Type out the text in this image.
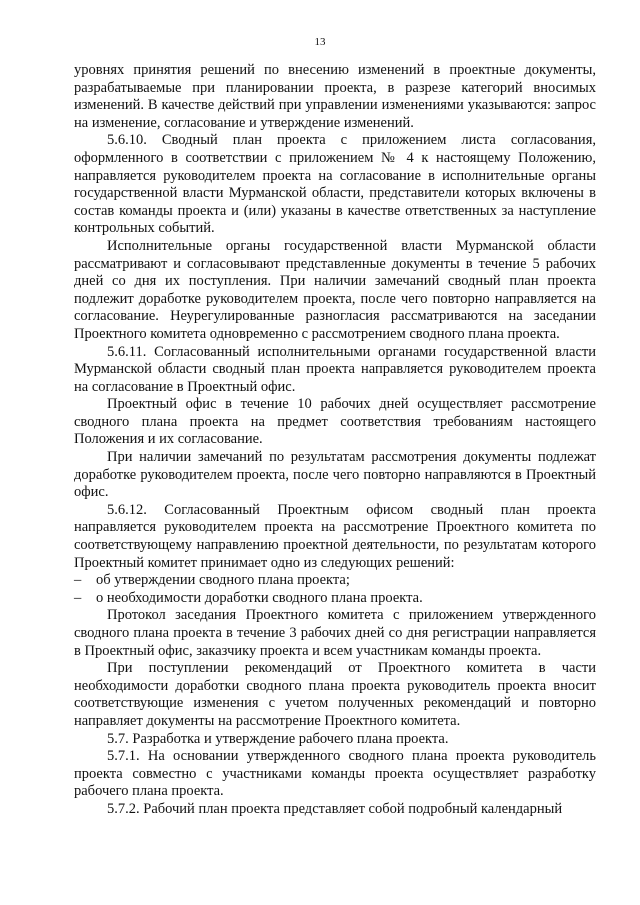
13

уровнях принятия решений по внесению изменений в проектные документы, разрабатываемые при планировании проекта, в разрезе категорий вносимых изменений. В качестве действий при управлении изменениями указываются: запрос на изменение, согласование и утверждение изменений.

5.6.10. Сводный план проекта с приложением листа согласования, оформленного в соответствии с приложением № 4 к настоящему Положению, направляется руководителем проекта на согласование в исполнительные органы государственной власти Мурманской области, представители которых включены в состав команды проекта и (или) указаны в качестве ответственных за наступление контрольных событий.

Исполнительные органы государственной власти Мурманской области рассматривают и согласовывают представленные документы в течение 5 рабочих дней со дня их поступления. При наличии замечаний сводный план проекта подлежит доработке руководителем проекта, после чего повторно направляется на согласование. Неурегулированные разногласия рассматриваются на заседании Проектного комитета одновременно с рассмотрением сводного плана проекта.

5.6.11. Согласованный исполнительными органами государственной власти Мурманской области сводный план проекта направляется руководителем проекта на согласование в Проектный офис.

Проектный офис в течение 10 рабочих дней осуществляет рассмотрение сводного плана проекта на предмет соответствия требованиям настоящего Положения и их согласование.

При наличии замечаний по результатам рассмотрения документы подлежат доработке руководителем проекта, после чего повторно направляются в Проектный офис.

5.6.12. Согласованный Проектным офисом сводный план проекта направляется руководителем проекта на рассмотрение Проектного комитета по соответствующему направлению проектной деятельности, по результатам которого Проектный комитет принимает одно из следующих решений:

– об утверждении сводного плана проекта;

– о необходимости доработки сводного плана проекта.

Протокол заседания Проектного комитета с приложением утвержденного сводного плана проекта в течение 3 рабочих дней со дня регистрации направляется в Проектный офис, заказчику проекта и всем участникам команды проекта.

При поступлении рекомендаций от Проектного комитета в части необходимости доработки сводного плана проекта руководитель проекта вносит соответствующие изменения с учетом полученных рекомендаций и повторно направляет документы на рассмотрение Проектного комитета.

5.7. Разработка и утверждение рабочего плана проекта.

5.7.1. На основании утвержденного сводного плана проекта руководитель проекта совместно с участниками команды проекта осуществляет разработку рабочего плана проекта.

5.7.2. Рабочий план проекта представляет собой подробный календарный
